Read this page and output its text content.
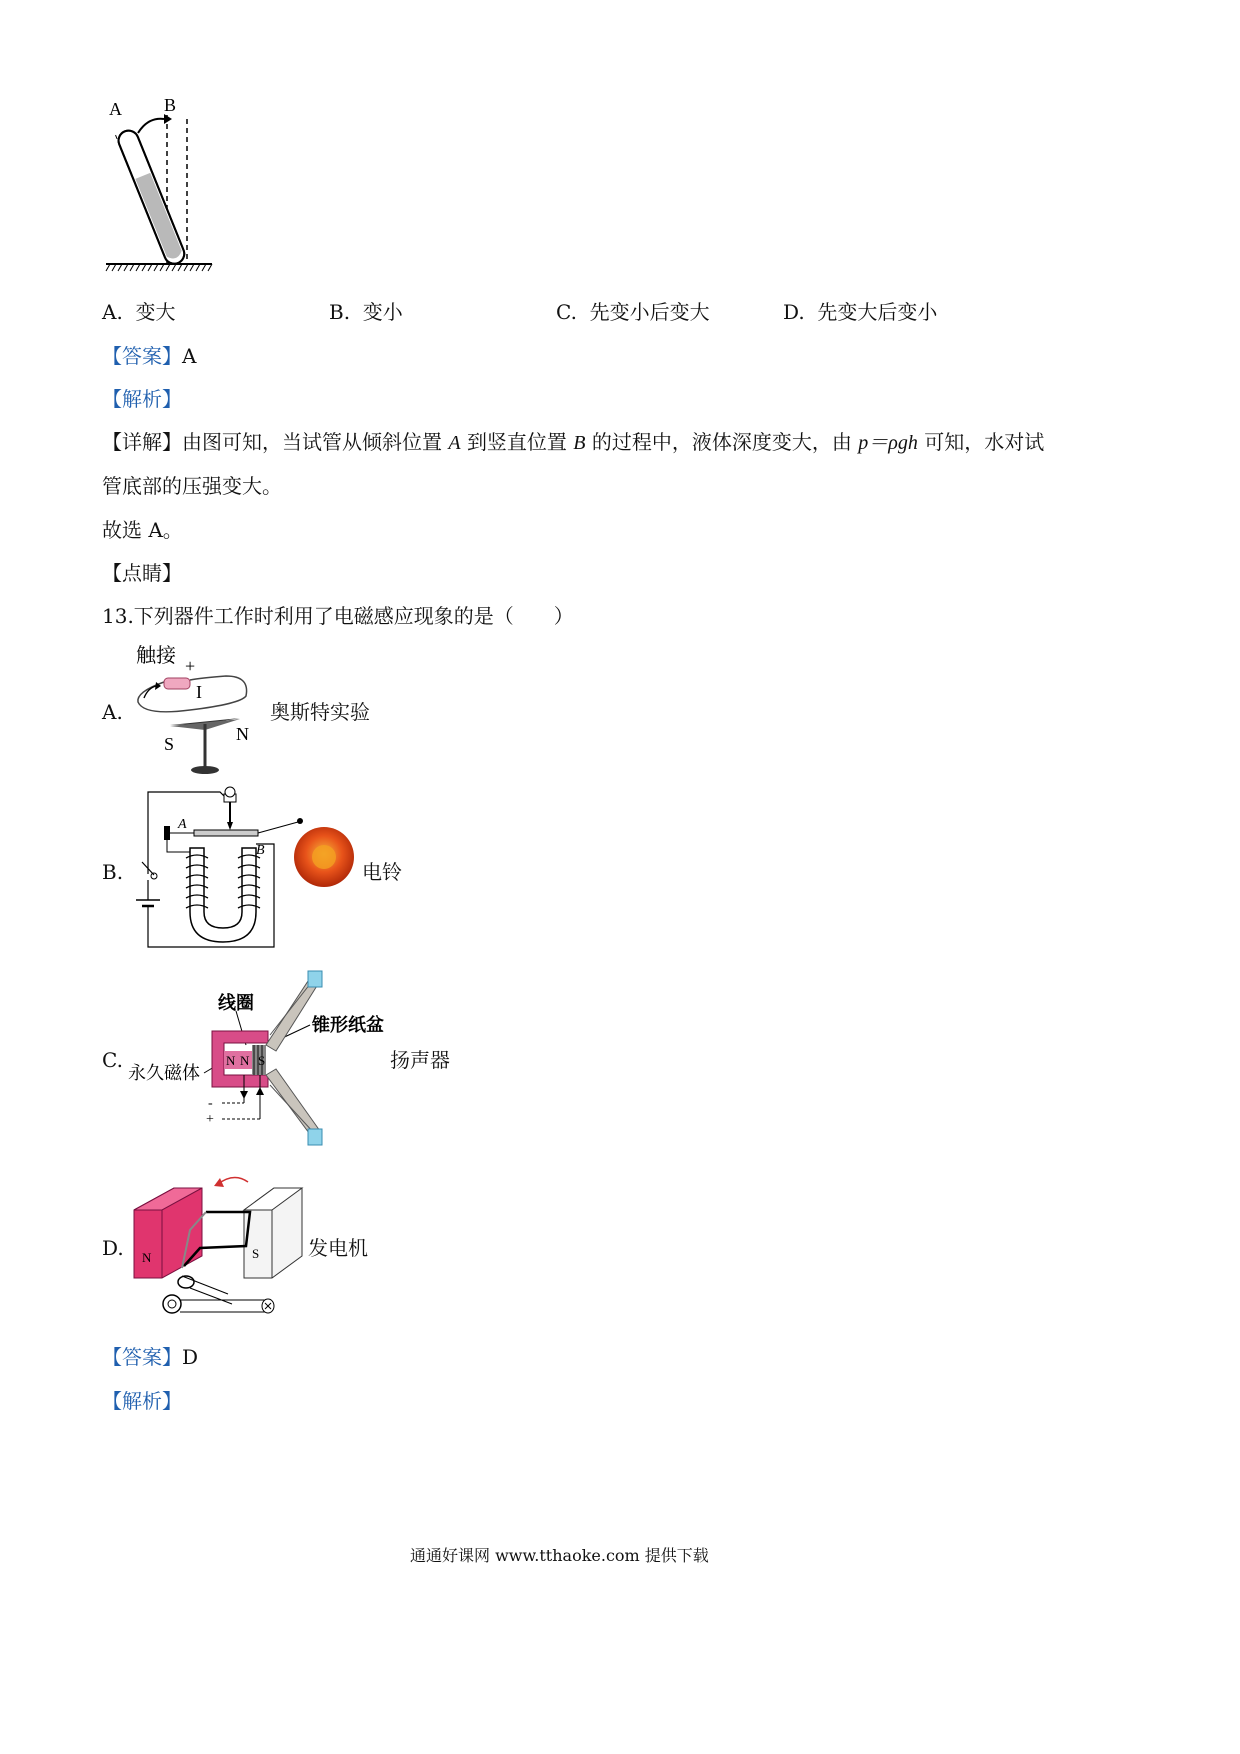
A B
A. 变大	B. 变小	C. 先变小后变大	D. 先变大后变小
【答案】A
【解析】
【详解】由图可知，当试管从倾斜位置 A 到竖直位置 B 的过程中，液体深度变大，由 p＝ρgh 可知，水对试
管底部的压强变大。
故选 A。
【点睛】
13.下列器件工作时利用了电磁感应现象的是（　　）
A.
触接 +
I
S	N
奥斯特实验
B.
A
B
电铃
C.
线圈
锥形纸盆
永久磁体
N N S
-
+
扬声器
D. N	S 发电机
【答案】D
【解析】
通通好课网 www.tthaoke.com 提供下载
